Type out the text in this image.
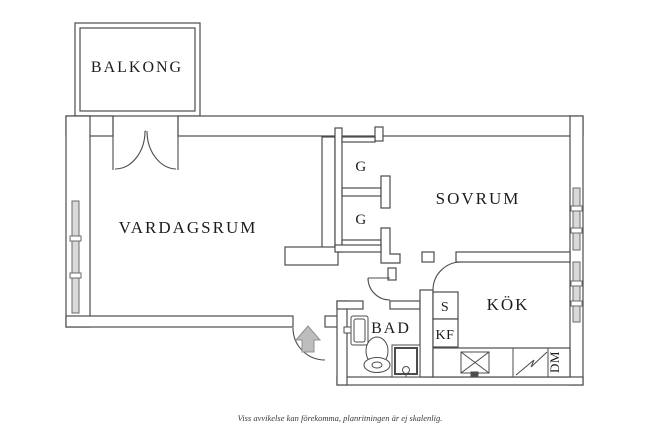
BALKONG
VARDAGSRUM
SOVRUM
BAD
KÖK
G
G
S
KF
DM
Viss avvikelse kan förekomma, planritningen är ej skalenlig.
